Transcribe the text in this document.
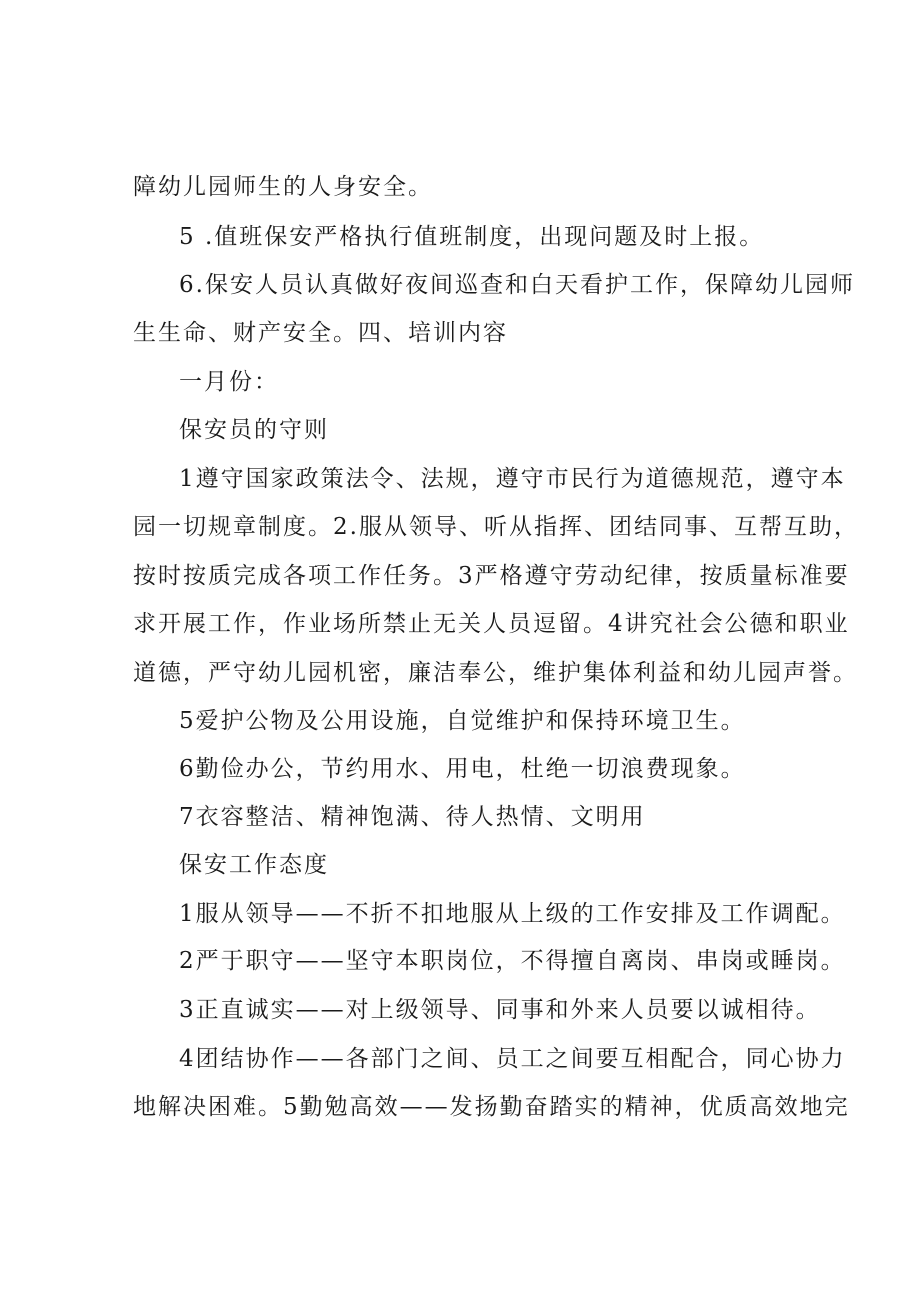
障幼儿园师生的人身安全。
5 .值班保安严格执行值班制度，出现问题及时上报。
6.保安人员认真做好夜间巡查和白天看护工作，保障幼儿园师
生生命、财产安全。四、培训内容
一月份：
保安员的守则
1遵守国家政策法令、法规，遵守市民行为道德规范，遵守本
园一切规章制度。2.服从领导、听从指挥、团结同事、互帮互助，
按时按质完成各项工作任务。3严格遵守劳动纪律，按质量标准要
求开展工作，作业场所禁止无关人员逗留。4讲究社会公德和职业
道德，严守幼儿园机密，廉洁奉公，维护集体利益和幼儿园声誉。
5爱护公物及公用设施，自觉维护和保持环境卫生。
6勤俭办公，节约用水、用电，杜绝一切浪费现象。
7衣容整洁、精神饱满、待人热情、文明用
保安工作态度
1服从领导——不折不扣地服从上级的工作安排及工作调配。
2严于职守——坚守本职岗位，不得擅自离岗、串岗或睡岗。
3正直诚实——对上级领导、同事和外来人员要以诚相待。
4团结协作——各部门之间、员工之间要互相配合，同心协力
地解决困难。5勤勉高效——发扬勤奋踏实的精神，优质高效地完
